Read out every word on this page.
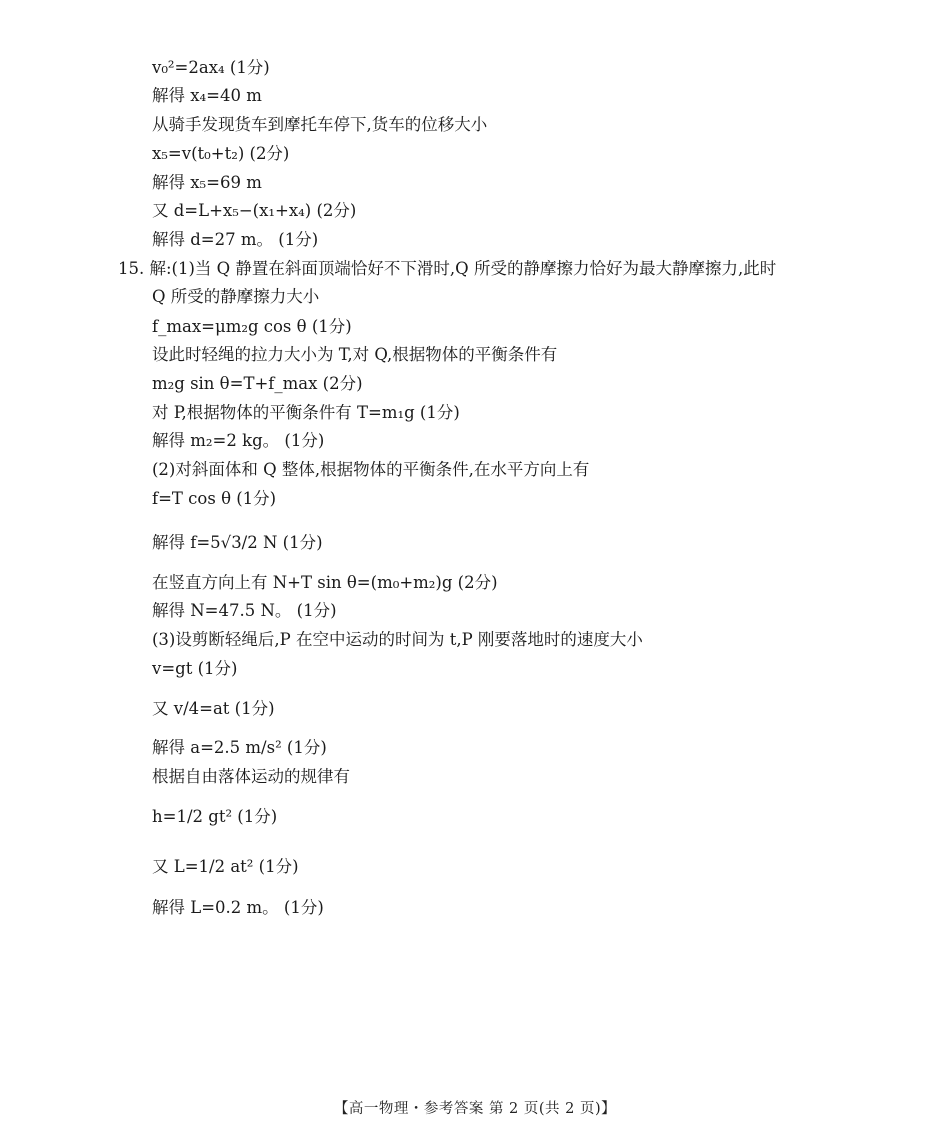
v₀²=2ax₄ (1分)
解得 x₄=40 m
从骑手发现货车到摩托车停下,货车的位移大小
x₅=v(t₀+t₂) (2分)
解得 x₅=69 m
又 d=L+x₅−(x₁+x₄) (2分)
解得 d=27 m。 (1分)
15. 解:(1)当 Q 静置在斜面顶端恰好不下滑时,Q 所受的静摩擦力恰好为最大静摩擦力,此时
Q 所受的静摩擦力大小
f_max=μm₂g cos θ (1分)
设此时轻绳的拉力大小为 T,对 Q,根据物体的平衡条件有
m₂g sin θ=T+f_max (2分)
对 P,根据物体的平衡条件有 T=m₁g (1分)
解得 m₂=2 kg。 (1分)
(2)对斜面体和 Q 整体,根据物体的平衡条件,在水平方向上有
f=T cos θ (1分)
解得 f=5√3/2 N (1分)
在竖直方向上有 N+T sin θ=(m₀+m₂)g (2分)
解得 N=47.5 N。 (1分)
(3)设剪断轻绳后,P 在空中运动的时间为 t,P 刚要落地时的速度大小
v=gt (1分)
又 v/4=at (1分)
解得 a=2.5 m/s² (1分)
根据自由落体运动的规律有
h=1/2 gt² (1分)
又 L=1/2 at² (1分)
解得 L=0.2 m。 (1分)
【高一物理・参考答案 第 2 页(共 2 页)】
